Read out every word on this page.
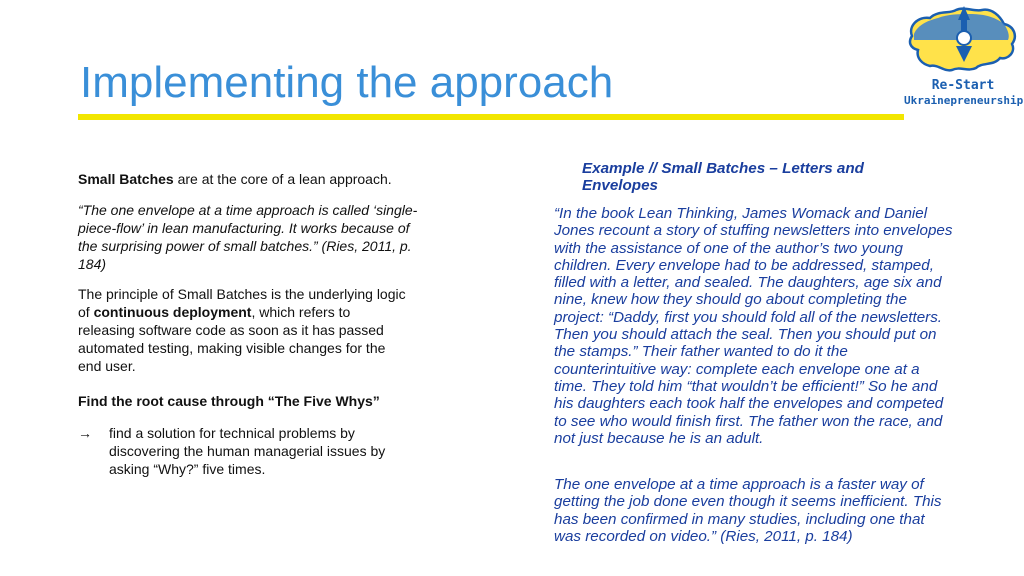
Implementing the approach	Re-Start
Ukrainepreneurship

Small Batches are at the core of a lean approach.

“The one envelope at a time approach is called ‘single-piece-flow’ in lean manufacturing. It works because of the surprising power of small batches.” (Ries, 2011, p. 184)

The principle of Small Batches is the underlying logic of continuous deployment, which refers to releasing software code as soon as it has passed automated testing, making visible changes for the end user.

Find the root cause through “The Five Whys”

→ find a solution for technical problems by discovering the human managerial issues by asking “Why?” five times.
Example // Small Batches – Letters and Envelopes
“In the book Lean Thinking, James Womack and Daniel Jones recount a story of stuffing newsletters into envelopes with the assistance of one of the author’s two young children. Every envelope had to be addressed, stamped, filled with a letter, and sealed. The daughters, age six and nine, knew how they should go about completing the project: “Daddy, first you should fold all of the newsletters. Then you should attach the seal. Then you should put on the stamps.” Their father wanted to do it the counterintuitive way: complete each envelope one at a time. They told him “that wouldn’t be efficient!” So he and his daughters each took half the envelopes and competed to see who would finish first. The father won the race, and not just because he is an adult.
The one envelope at a time approach is a faster way of getting the job done even though it seems inefficient. This has been confirmed in many studies, including one that was recorded on video.” (Ries, 2011, p. 184)
